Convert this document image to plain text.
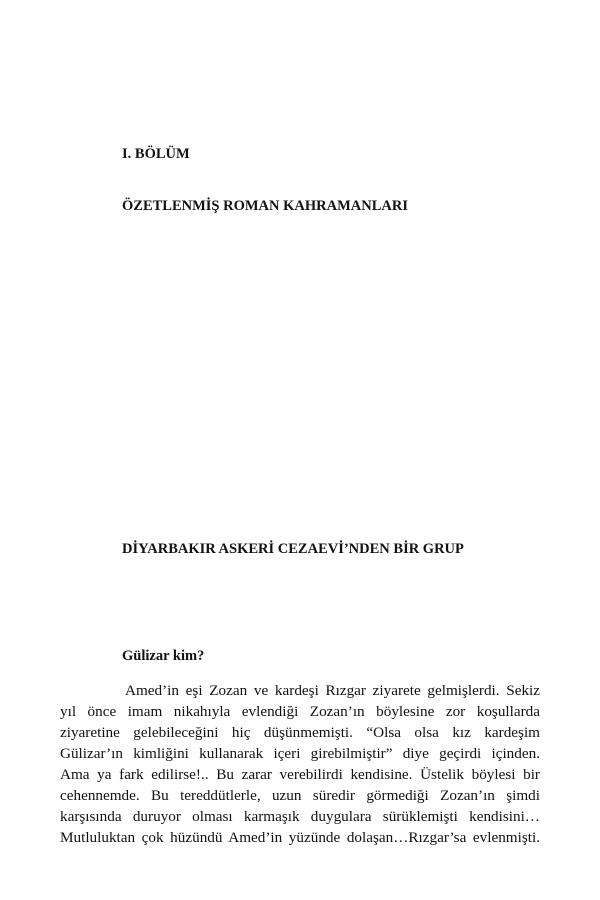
I. BÖLÜM
ÖZETLENMİŞ ROMAN KAHRAMANLARI
DİYARBAKIR ASKERİ CEZAEVİ’NDEN BİR GRUP
Gülizar kim?
Amed’in eşi Zozan ve kardeşi Rızgar ziyarete gelmişlerdi. Sekiz
yıl önce imam nikahıyla evlendiği Zozan’ın böylesine zor koşullarda
ziyaretine gelebileceğini hiç düşünmemişti. “Olsa olsa kız kardeşim
Gülizar’ın kimliğini kullanarak içeri girebilmiştir” diye geçirdi içinden.
Ama ya fark edilirse!.. Bu zarar verebilirdi kendisine. Üstelik böylesi bir
cehennemde. Bu tereddütlerle, uzun süredir görmediği Zozan’ın şimdi
karşısında duruyor olması karmaşık duygulara sürüklemişti kendisini…
Mutluluktan çok hüzündü Amed’in yüzünde dolaşan…Rızgar’sa evlenmişti.
